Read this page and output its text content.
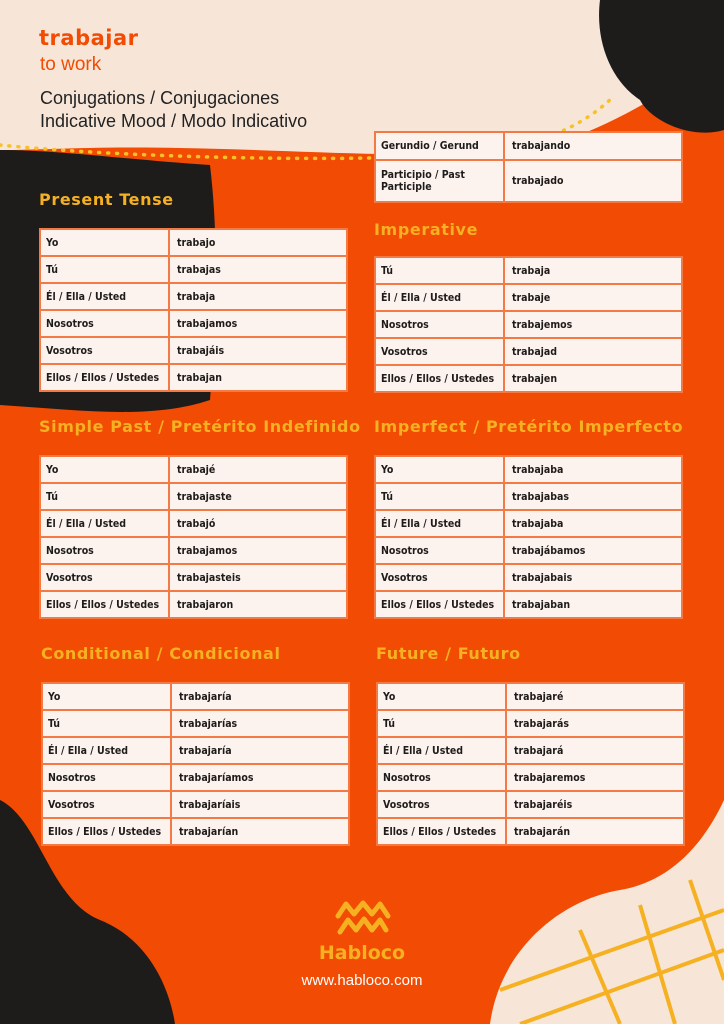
trabajar
to work
Conjugations / Conjugaciones
Indicative Mood / Modo Indicativo
Gerundio / Gerund	trabajando
Participio / Past Participle	trabajado
Present Tense
Yo	trabajo
Tú	trabajas
Él / Ella / Usted	trabaja
Nosotros	trabajamos
Vosotros	trabajáis
Ellos / Ellos / Ustedes	trabajan
Imperative
Tú	trabaja
Él / Ella / Usted	trabaje
Nosotros	trabajemos
Vosotros	trabajad
Ellos / Ellos / Ustedes	trabajen
Simple Past / Pretérito Indefinido
Yo	trabajé
Tú	trabajaste
Él / Ella / Usted	trabajó
Nosotros	trabajamos
Vosotros	trabajasteis
Ellos / Ellos / Ustedes	trabajaron
Imperfect / Pretérito Imperfecto
Yo	trabajaba
Tú	trabajabas
Él / Ella / Usted	trabajaba
Nosotros	trabajábamos
Vosotros	trabajabais
Ellos / Ellos / Ustedes	trabajaban
Conditional / Condicional
Yo	trabajaría
Tú	trabajarías
Él / Ella / Usted	trabajaría
Nosotros	trabajaríamos
Vosotros	trabajaríais
Ellos / Ellos / Ustedes	trabajarían
Future / Futuro
Yo	trabajaré
Tú	trabajarás
Él / Ella / Usted	trabajará
Nosotros	trabajaremos
Vosotros	trabajaréis
Ellos / Ellos / Ustedes	trabajarán
Habloco
www.habloco.com
